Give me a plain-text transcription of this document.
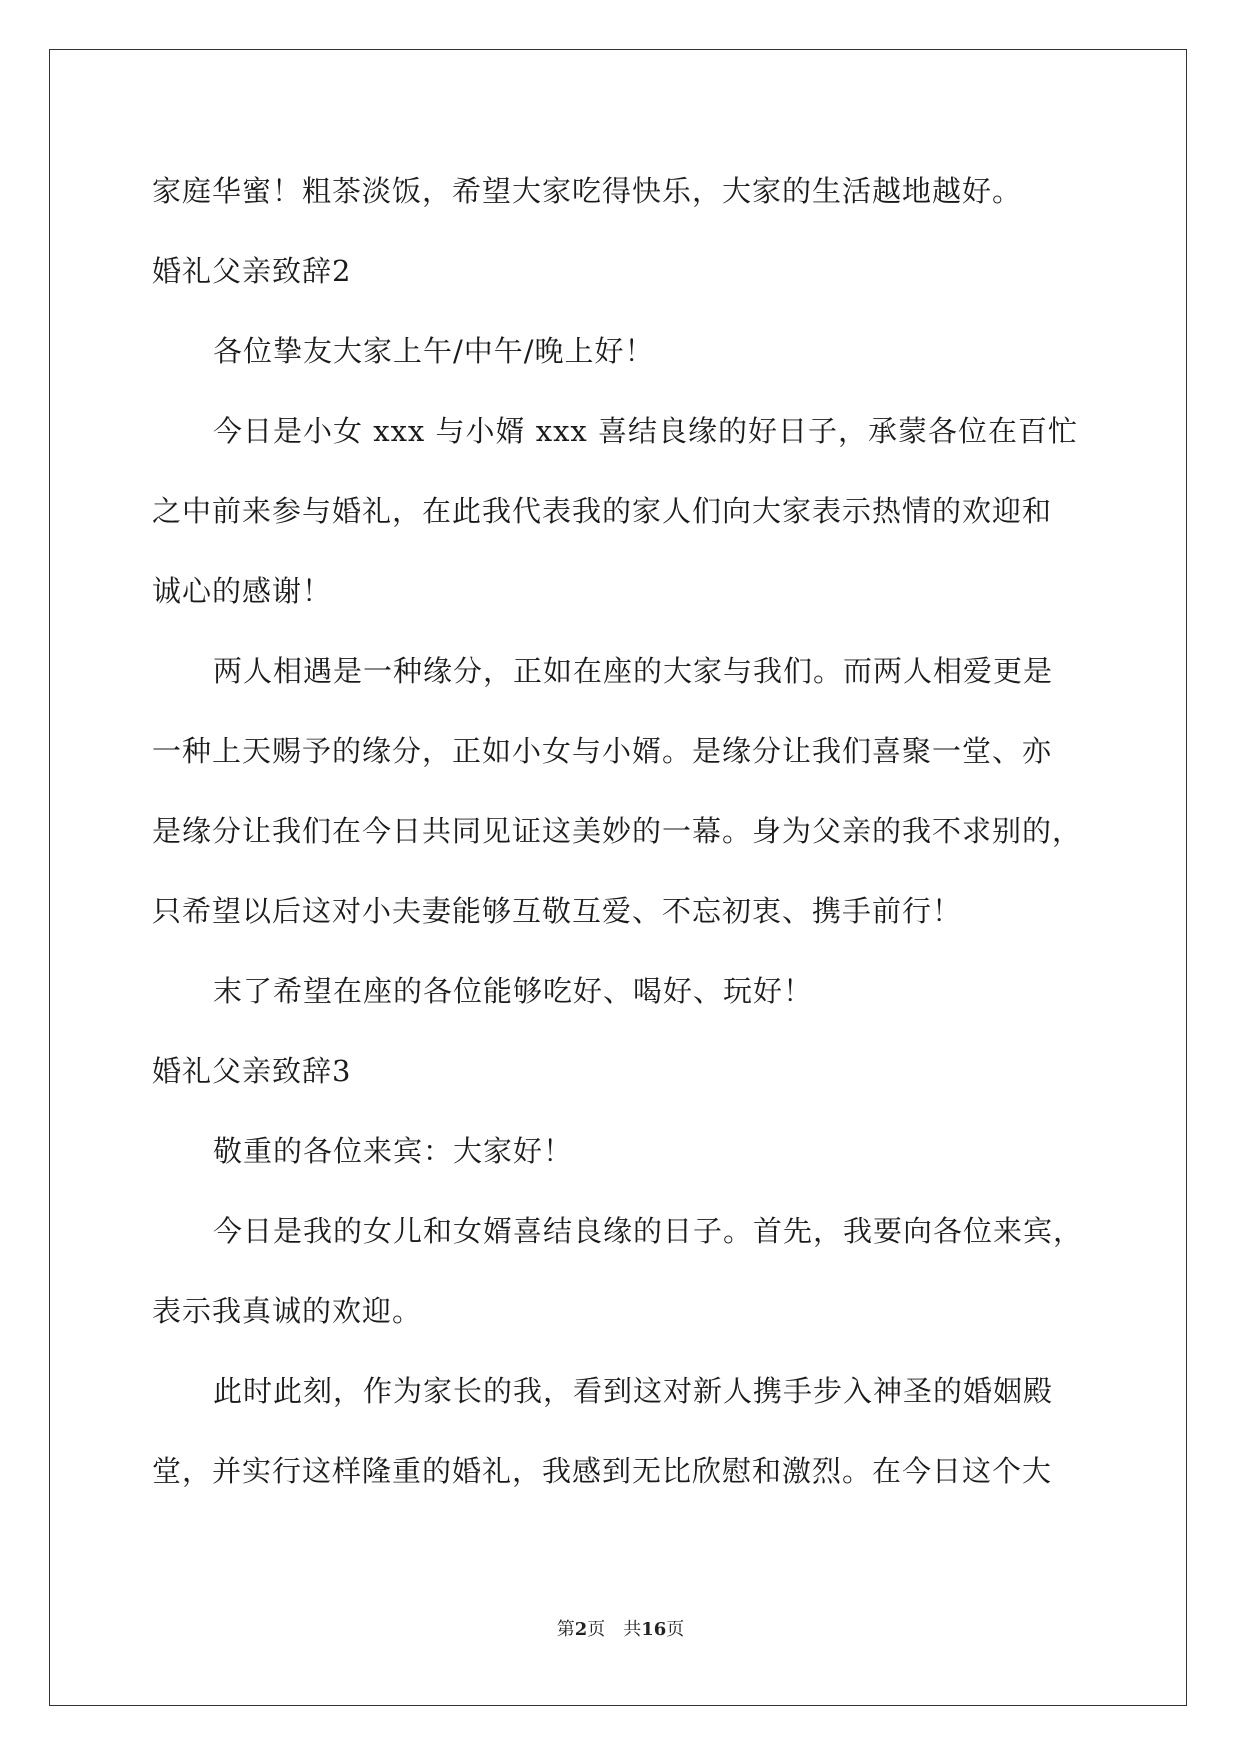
家庭华蜜！粗茶淡饭，希望大家吃得快乐，大家的生活越地越好。
婚礼父亲致辞2
各位挚友大家上午/中午/晚上好！
今日是小女 xxx 与小婿 xxx 喜结良缘的好日子，承蒙各位在百忙
之中前来参与婚礼，在此我代表我的家人们向大家表示热情的欢迎和
诚心的感谢！
两人相遇是一种缘分，正如在座的大家与我们。而两人相爱更是
一种上天赐予的缘分，正如小女与小婿。是缘分让我们喜聚一堂、亦
是缘分让我们在今日共同见证这美妙的一幕。身为父亲的我不求别的，
只希望以后这对小夫妻能够互敬互爱、不忘初衷、携手前行！
末了希望在座的各位能够吃好、喝好、玩好！
婚礼父亲致辞3
敬重的各位来宾：大家好！
今日是我的女儿和女婿喜结良缘的日子。首先，我要向各位来宾，
表示我真诚的欢迎。
此时此刻，作为家长的我，看到这对新人携手步入神圣的婚姻殿
堂，并实行这样隆重的婚礼，我感到无比欣慰和激烈。在今日这个大
第2页 共16页
